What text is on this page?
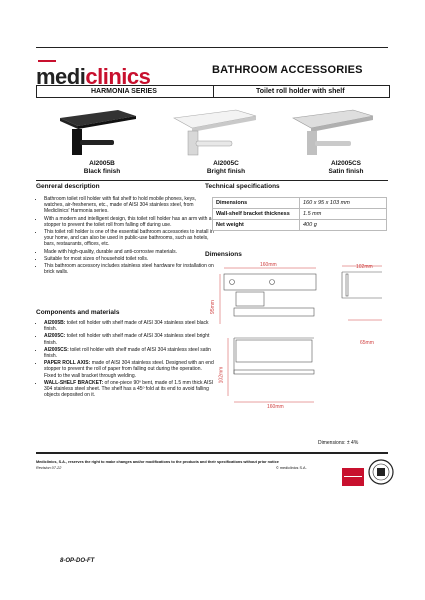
mediclinics	BATHROOM ACCESSORIES
HARMONIA SERIES	Toilet roll holder with shelf
AI2005B
Black finish
AI2005C
Bright finish
AI2005CS
Satin finish
Genreral description
• Bathroom toilet roll holder with flat shelf to hold mobile phones, keys, watches, air-fresheners, etc., made of AISI 304 stainless steel, from Mediclinics' Harmonia series.
• With a modern and intelligent design, this toilet roll holder has an arm with a stopper to prevent the toilet roll from falling off during use.
• This toilet roll holder is one of the essential bathroom accessories to install in your home, and can also be used in public-use bathrooms, such as hotels, bars, restaurants, offices, etc.
• Made with high-quality, durable and anti-corrosive materials.
• Suitable for most sizes of household toilet rolls.
• This bathroom accessory includes stainless steel hardware for installation on brick walls.
Components and materials
• AI2005B: toilet roll holder with shelf made of AISI 304 stainless steel black finish.
• AI2005C: toilet roll holder with shelf made of AISI 304 stainless steel bright finish.
• AI2005CS: toilet roll holder with shelf made of AISI 304 stainless steel satin finish.
• PAPER ROLL AXIS: made of AISI 304 stainless steel. Designed with an end stopper to prevent the roll of paper from falling out during the operation. Fixed to the wall bracket through welding.
• WALL-SHELF BRACKET: of one-piece 90º bent, made of 1.5 mm thick AISI 304 stainless steel sheet. The shelf has a 45º fold at its end to avoid falling objects deposited on it.
Technical specifications
Dimensions	160 x 95 x 103 mm
Wall-shelf bracket thickness	1.5 mm
Net weight	400 g
Dimensions
160mm	102mm
95mm
65mm
102mm
160mm
Dimensions: ± 4%
Mediclinics, S.A., reserves the right to make changes and/or modifications to the products and their specifications without prior notice
Revision 07-22	© mediclinics S.A.
8-OP-DO-FT
